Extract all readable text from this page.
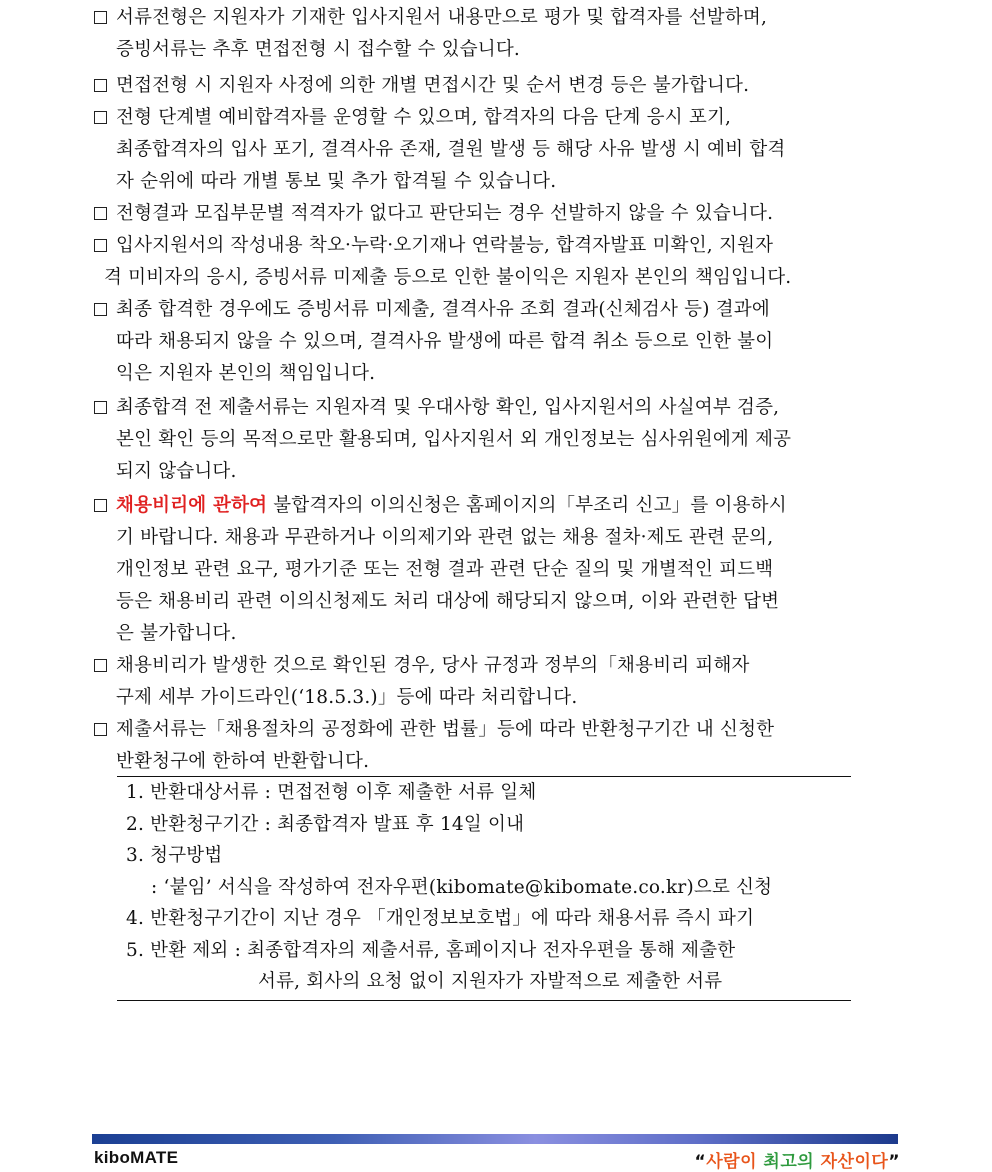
서류전형은 지원자가 기재한 입사지원서 내용만으로 평가 및 합격자를 선발하며,
증빙서류는 추후 면접전형 시 접수할 수 있습니다.

면접전형 시 지원자 사정에 의한 개별 면접시간 및 순서 변경 등은 불가합니다.

전형 단계별 예비합격자를 운영할 수 있으며, 합격자의 다음 단계 응시 포기,
최종합격자의 입사 포기, 결격사유 존재, 결원 발생 등 해당 사유 발생 시 예비 합격
자 순위에 따라 개별 통보 및 추가 합격될 수 있습니다.

전형결과 모집부문별 적격자가 없다고 판단되는 경우 선발하지 않을 수 있습니다.

입사지원서의 작성내용 착오·누락·오기재나 연락불능, 합격자발표 미확인, 지원자
격 미비자의 응시, 증빙서류 미제출 등으로 인한 불이익은 지원자 본인의 책임입니다.

최종 합격한 경우에도 증빙서류 미제출, 결격사유 조회 결과(신체검사 등) 결과에
따라 채용되지 않을 수 있으며, 결격사유 발생에 따른 합격 취소 등으로 인한 불이
익은 지원자 본인의 책임입니다.

최종합격 전 제출서류는 지원자격 및 우대사항 확인, 입사지원서의 사실여부 검증,
본인 확인 등의 목적으로만 활용되며, 입사지원서 외 개인정보는 심사위원에게 제공
되지 않습니다.

채용비리에 관하여 불합격자의 이의신청은 홈페이지의「부조리 신고」를 이용하시
기 바랍니다. 채용과 무관하거나 이의제기와 관련 없는 채용 절차·제도 관련 문의,
개인정보 관련 요구, 평가기준 또는 전형 결과 관련 단순 질의 및 개별적인 피드백
등은 채용비리 관련 이의신청제도 처리 대상에 해당되지 않으며, 이와 관련한 답변
은 불가합니다.

채용비리가 발생한 것으로 확인된 경우, 당사 규정과 정부의「채용비리 피해자
구제 세부 가이드라인(‘18.5.3.)」등에 따라 처리합니다.

제출서류는「채용절차의 공정화에 관한 법률」등에 따라 반환청구기간 내 신청한
반환청구에 한하여 반환합니다.

1. 반환대상서류 : 면접전형 이후 제출한 서류 일체
2. 반환청구기간 : 최종합격자 발표 후 14일 이내
3. 청구방법
: ‘붙임’ 서식을 작성하여 전자우편(kibomate@kibomate.co.kr)으로 신청
4. 반환청구기간이 지난 경우 「개인정보보호법」에 따라 채용서류 즉시 파기
5. 반환 제외 : 최종합격자의 제출서류, 홈페이지나 전자우편을 통해 제출한
서류, 회사의 요청 없이 지원자가 자발적으로 제출한 서류
kiboMATE	“사람이 최고의 자산이다”
